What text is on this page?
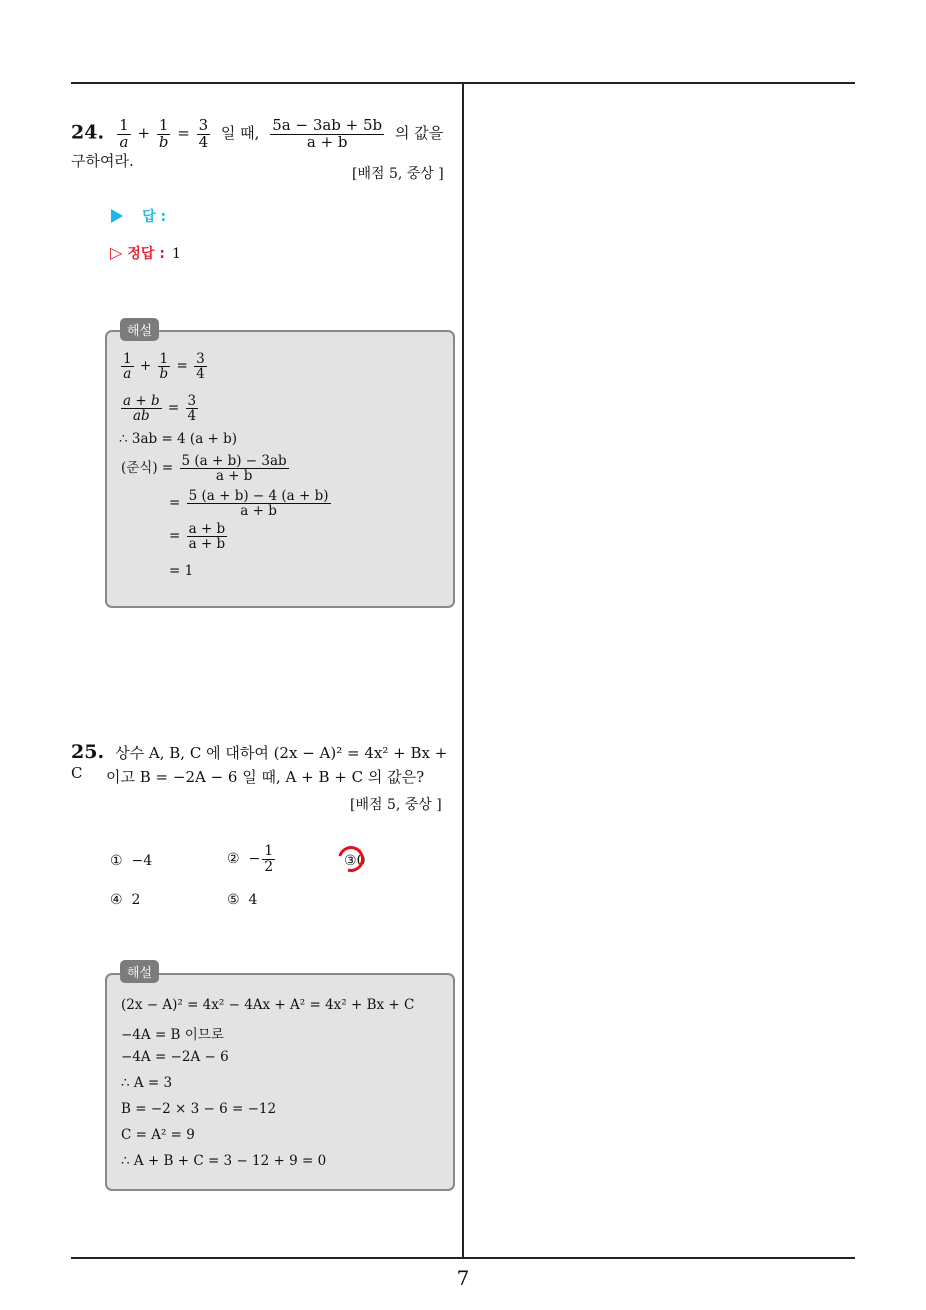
24. $\frac{1}{a} + \frac{1}{b} = \frac{3}{4}$ 일 때, $\frac{5a - 3ab + 5b}{a + b}$ 의 값을 구하여라.
[배점 5, 중상 ]
답 :
▷ 정답 : 1
$\frac{1}{a} + \frac{1}{b} = \frac{3}{4}$
$\frac{a + b}{ab} = \frac{3}{4}$
∴ 3ab = 4 (a + b)
(준식) = $\frac{5 (a + b) - 3ab}{a + b}$
= $\frac{5 (a + b) - 4 (a + b)}{a + b}$
= $\frac{a + b}{a + b}$
= 1
해설
25. 상수 A, B, C 에 대하여 (2x − A)² = 4x² + Bx + C	이고 B = −2A − 6 일 때, A + B + C 의 값은?
[배점 5, 중상 ]
① −4	② − $\frac{1}{2}$	③
0
④ 2	⑤ 4
(2x − A)² = 4x² − 4Ax + A² = 4x² + Bx + C
−4A = B 이므로
−4A = −2A − 6
∴ A = 3
B = −2 × 3 − 6 = −12
C = A² = 9
∴ A + B + C = 3 − 12 + 9 = 0
해설
7
